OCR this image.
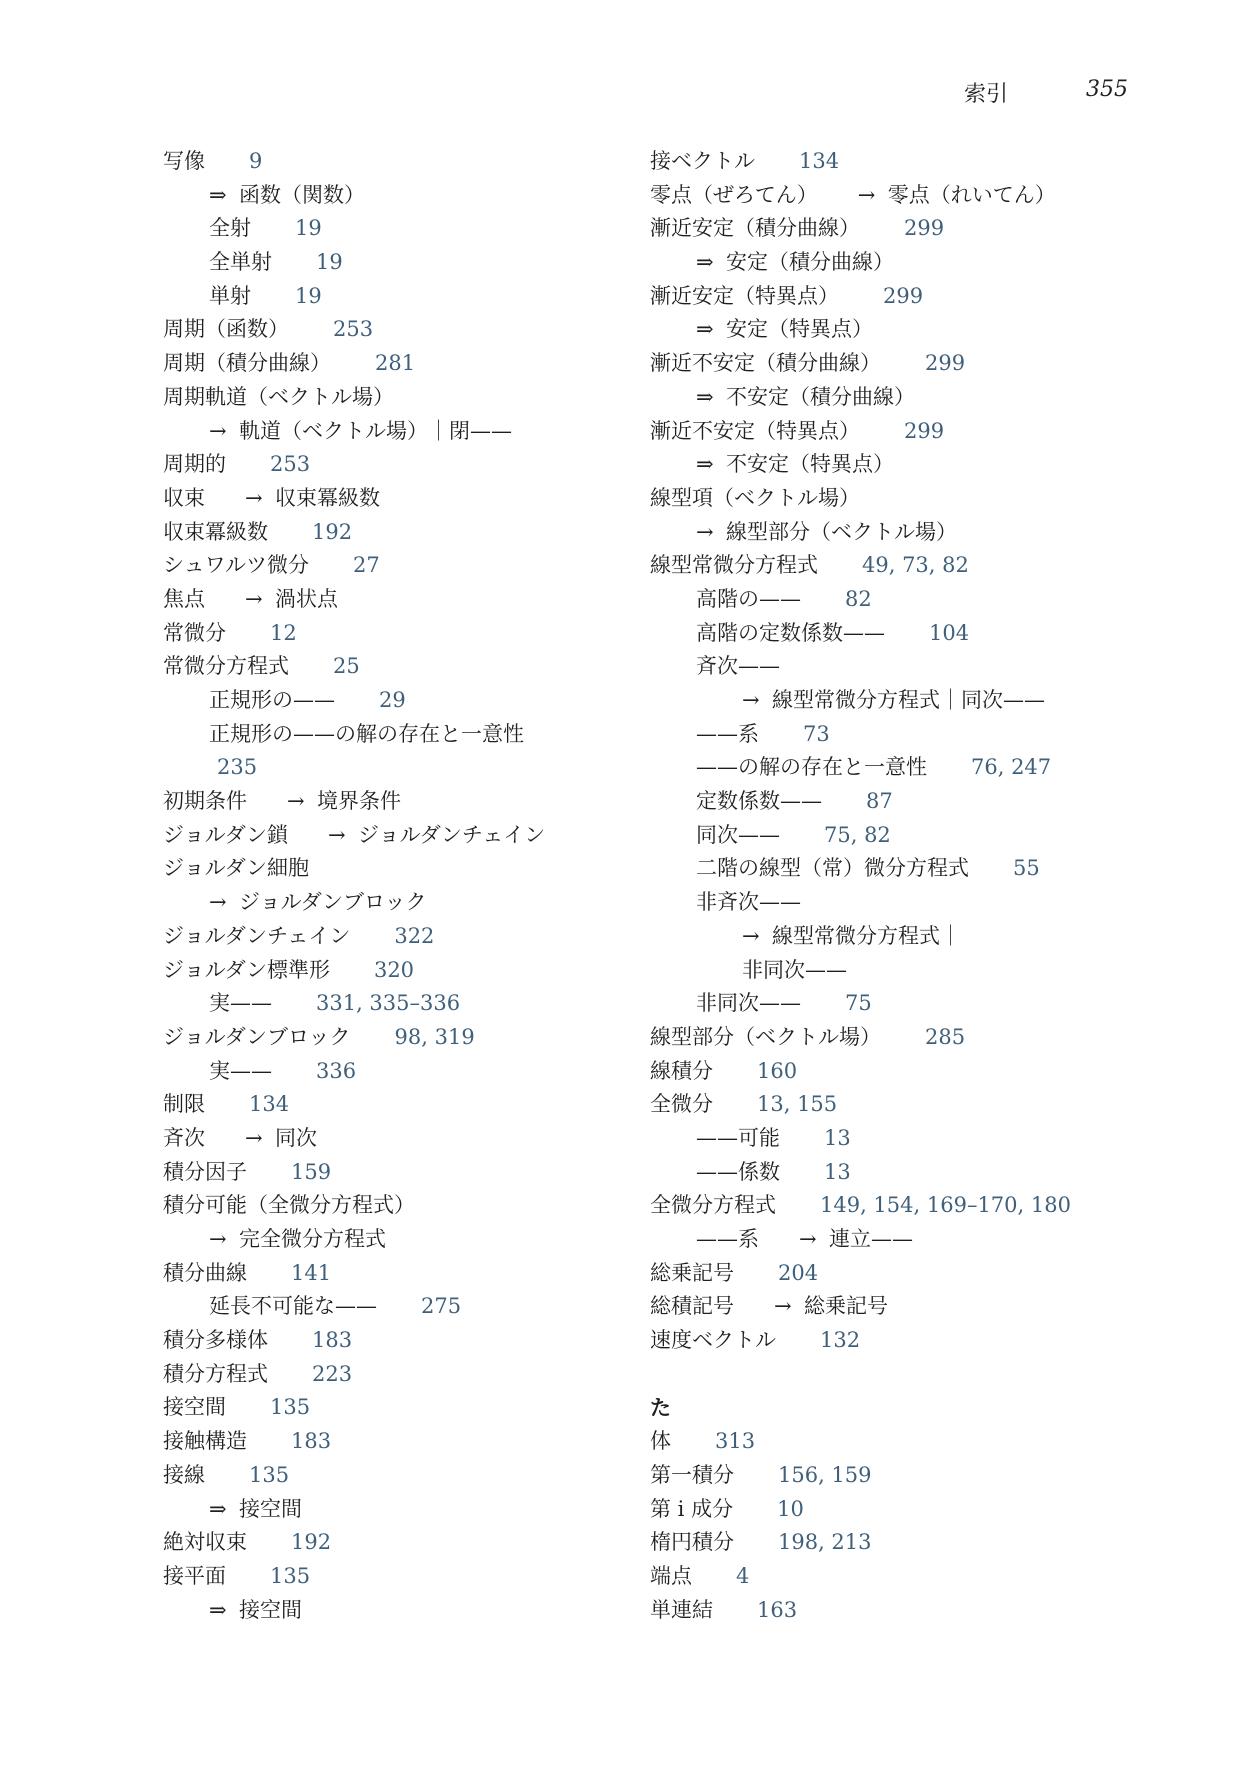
索引	355
写像 9
⇒ 函数（関数）
全射 19
全単射 19
単射 19
周期（函数） 253
周期（積分曲線） 281
周期軌道（ベクトル場）
→ 軌道（ベクトル場）｜閉——
周期的 253
収束 → 収束冪級数
収束冪級数 192
シュワルツ微分 27
焦点 → 渦状点
常微分 12
常微分方程式 25
正規形の—— 29
正規形の——の解の存在と一意性
235
初期条件 → 境界条件
ジョルダン鎖 → ジョルダンチェイン
ジョルダン細胞
→ ジョルダンブロック
ジョルダンチェイン 322
ジョルダン標準形 320
実—— 331, 335–336
ジョルダンブロック 98, 319
実—— 336
制限 134
斉次 → 同次
積分因子 159
積分可能（全微分方程式）
→ 完全微分方程式
積分曲線 141
延長不可能な—— 275
積分多様体 183
積分方程式 223
接空間 135
接触構造 183
接線 135
⇒ 接空間
絶対収束 192
接平面 135
⇒ 接空間
接ベクトル 134
零点（ぜろてん） → 零点（れいてん）
漸近安定（積分曲線） 299
⇒ 安定（積分曲線）
漸近安定（特異点） 299
⇒ 安定（特異点）
漸近不安定（積分曲線） 299
⇒ 不安定（積分曲線）
漸近不安定（特異点） 299
⇒ 不安定（特異点）
線型項（ベクトル場）
→ 線型部分（ベクトル場）
線型常微分方程式 49, 73, 82
高階の—— 82
高階の定数係数—— 104
斉次——
→ 線型常微分方程式｜同次——
——系 73
——の解の存在と一意性 76, 247
定数係数—— 87
同次—— 75, 82
二階の線型（常）微分方程式 55
非斉次——
→ 線型常微分方程式｜
非同次——
非同次—— 75
線型部分（ベクトル場） 285
線積分 160
全微分 13, 155
——可能 13
——係数 13
全微分方程式 149, 154, 169–170, 180
——系 → 連立——
総乗記号 204
総積記号 → 総乗記号
速度ベクトル 132
た
体 313
第一積分 156, 159
第 i 成分 10
楕円積分 198, 213
端点 4
単連結 163
